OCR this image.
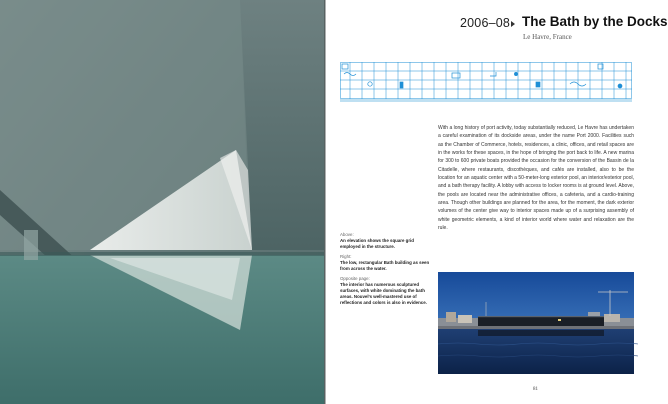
2006–08 The Bath by the Docks
Le Havre, France
With a long history of port activity, today substantially reduced, Le Havre has undertaken a careful examination of its dockside areas, under the name Port 2000. Facilities such as the Chamber of Commerce, hotels, residences, a clinic, offices, and retail spaces are in the works for these spaces, in the hope of bringing the port back to life. A new marina for 300 to 600 private boats provided the occasion for the conversion of the Bassin de la Citadelle, where restaurants, discothèques, and cafés are installed, also to be the location for an aquatic center with a 50-meter-long exterior pool, an interior/exterior pool, and a bath therapy facility. A lobby with access to locker rooms is at ground level. Above, the pools are located near the administrative offices, a cafeteria, and a cardio-training area. Though other buildings are planned for the area, for the moment, the dark exterior volumes of the center give way to interior spaces made up of a surprising assembly of white geometric elements, a kind of interior world where water and relaxation are the rule.
Above:
An elevation shows the square grid employed in the structure.
Right:
The low, rectangular Bath building as seen from across the water.
Opposite page:
The interior has numerous sculptured surfaces, with white dominating the bath areas. Nouvel’s well-mastered use of reflections and colors is also in evidence.
81
